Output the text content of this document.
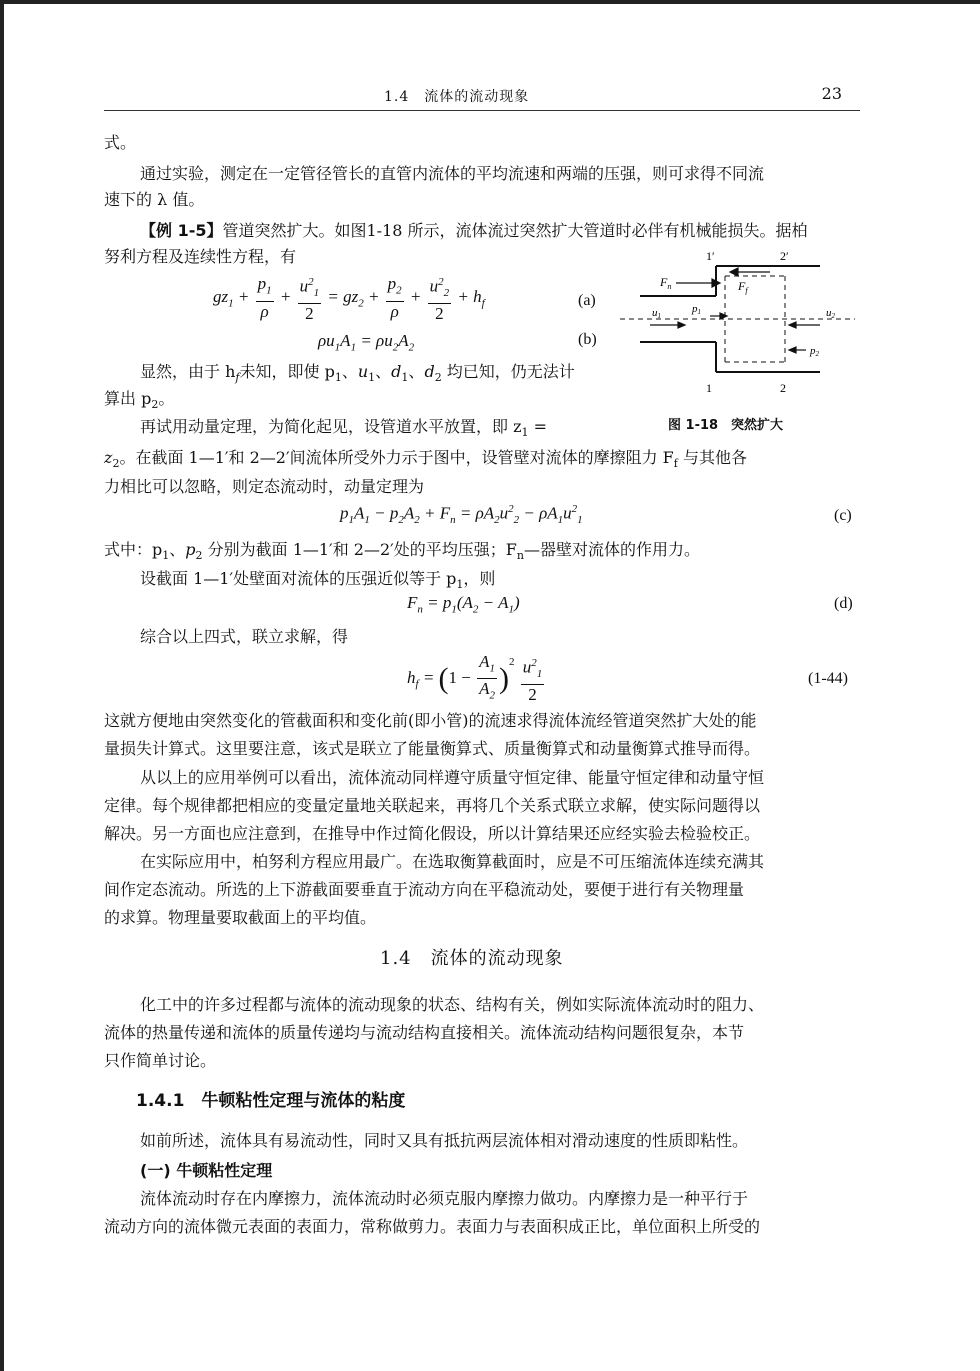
1.4　流体的流动现象	23
式。
通过实验，测定在一定管径管长的直管内流体的平均流速和两端的压强，则可求得不同流
速下的 λ 值。
【例 1-5】管道突然扩大。如图1-18 所示，流体流过突然扩大管道时必伴有机械能损失。据柏
努利方程及连续性方程，有
$gz_1 + \frac{p_1}{\rho} + \frac{u^2_1}{2} = gz_2 + \frac{p_2}{\rho} + \frac{u^2_2}{2} + h_f$	(a)
$\rho u_1A_1 = \rho u_2A_2$	(b)
显然，由于 $h_f$未知，即使 $p_1$、$u_1$、$d_1$、$d_2$ 均已知，仍无法计
算出 $p_2$。
再试用动量定理，为简化起见，设管道水平放置，即 $z_1$ =
$z_2$。在截面 1—1′和 2—2′间流体所受外力示于图中，设管壁对流体的摩擦阻力 $F_f$ 与其他各
力相比可以忽略，则定态流动时，动量定理为
1′	2′
1	2
$F_n$	$F_f$
u1
p1	u2
p2
图 1-18　突然扩大
$p_1A_1 - p_2A_2 + F_n = \rho A_2u^2_2 - \rho A_1u^2_1$	(c)
式中：$p_1$、$p_2$ 分别为截面 1—1′和 2—2′处的平均压强；$F_n—$器壁对流体的作用力。
设截面 1—1′处壁面对流体的压强近似等于 $p_1$，则
$F_n = p_1(A_2 - A_1)$	(d)
综合以上四式，联立求解，得
$h_f = (1 - \frac{A_1}{A_2} )^2 \frac{u^2_1}{2}$	(1-44)
这就方便地由突然变化的管截面积和变化前(即小管)的流速求得流体流经管道突然扩大处的能
量损失计算式。这里要注意，该式是联立了能量衡算式、质量衡算式和动量衡算式推导而得。
从以上的应用举例可以看出，流体流动同样遵守质量守恒定律、能量守恒定律和动量守恒
定律。每个规律都把相应的变量定量地关联起来，再将几个关系式联立求解，使实际问题得以
解决。另一方面也应注意到，在推导中作过简化假设，所以计算结果还应经实验去检验校正。
在实际应用中，柏努利方程应用最广。在选取衡算截面时，应是不可压缩流体连续充满其
间作定态流动。所选的上下游截面要垂直于流动方向在平稳流动处，要便于进行有关物理量
的求算。物理量要取截面上的平均值。
1.4　 流体的流动现象
化工中的许多过程都与流体的流动现象的状态、结构有关，例如实际流体流动时的阻力、
流体的热量传递和流体的质量传递均与流动结构直接相关。流体流动结构问题很复杂，本节
只作简单讨论。
1.4.1　 牛顿粘性定理与流体的粘度
如前所述，流体具有易流动性，同时又具有抵抗两层流体相对滑动速度的性质即粘性。
(一) 牛顿粘性定理
流体流动时存在内摩擦力，流体流动时必须克服内摩擦力做功。内摩擦力是一种平行于
流动方向的流体微元表面的表面力，常称做剪力。表面力与表面积成正比，单位面积上所受的
